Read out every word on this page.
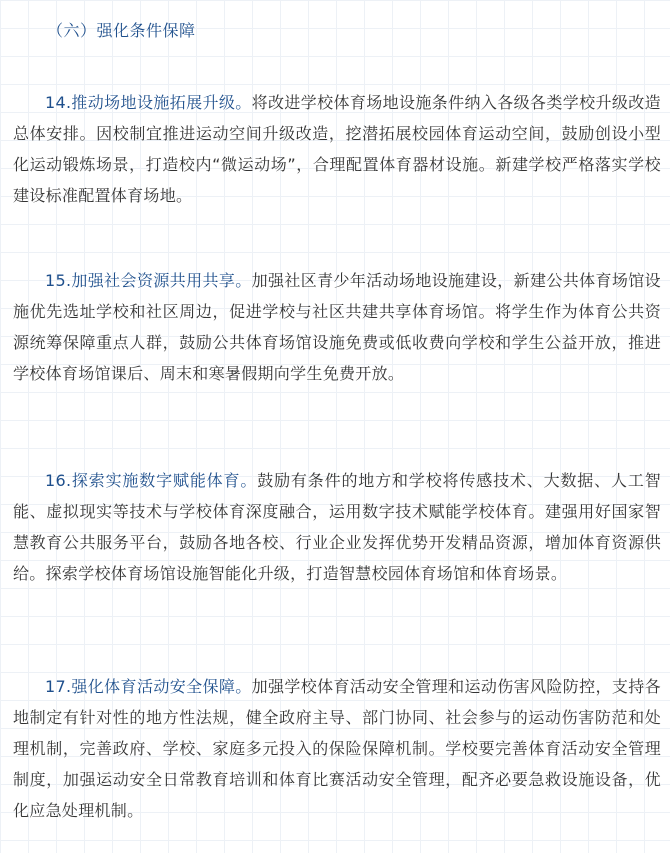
（六）强化条件保障

14.推动场地设施拓展升级。将改进学校体育场地设施条件纳入各级各类学校升级改造总体安排。因校制宜推进运动空间升级改造，挖潜拓展校园体育运动空间，鼓励创设小型化运动锻炼场景，打造校内“微运动场”，合理配置体育器材设施。新建学校严格落实学校建设标准配置体育场地。

15.加强社会资源共用共享。加强社区青少年活动场地设施建设，新建公共体育场馆设施优先选址学校和社区周边，促进学校与社区共建共享体育场馆。将学生作为体育公共资源统筹保障重点人群，鼓励公共体育场馆设施免费或低收费向学校和学生公益开放，推进学校体育场馆课后、周末和寒暑假期向学生免费开放。

16.探索实施数字赋能体育。鼓励有条件的地方和学校将传感技术、大数据、人工智能、虚拟现实等技术与学校体育深度融合，运用数字技术赋能学校体育。建强用好国家智慧教育公共服务平台，鼓励各地各校、行业企业发挥优势开发精品资源，增加体育资源供给。探索学校体育场馆设施智能化升级，打造智慧校园体育场馆和体育场景。

17.强化体育活动安全保障。加强学校体育活动安全管理和运动伤害风险防控，支持各地制定有针对性的地方性法规，健全政府主导、部门协同、社会参与的运动伤害防范和处理机制，完善政府、学校、家庭多元投入的保险保障机制。学校要完善体育活动安全管理制度，加强运动安全日常教育培训和体育比赛活动安全管理，配齐必要急救设施设备，优化应急处理机制。
